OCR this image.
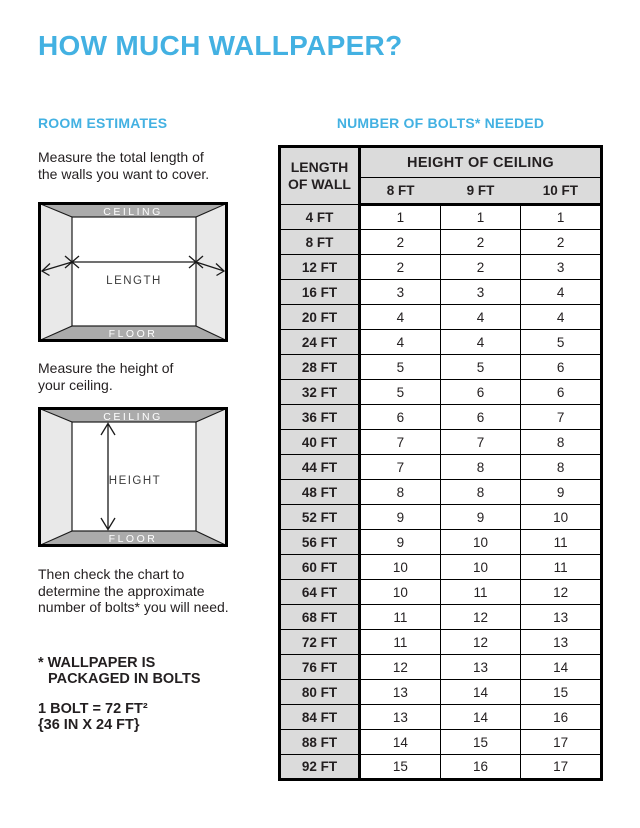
HOW MUCH WALLPAPER?
ROOM ESTIMATES	NUMBER OF BOLTS* NEEDED
Measure the total length of
the walls you want to cover.
CEILING
FLOOR
LENGTH
Measure the height of
your ceiling.
CEILING
FLOOR
HEIGHT
Then check the chart to
determine the approximate
number of bolts* you will need.
* WALLPAPER IS
PACKAGED IN BOLTS
1 BOLT = 72 FT²
{36 IN X 24 FT}
LENGTH
OF WALL	HEIGHT OF CEILING		
	8 FT	9 FT	10 FT
4 FT	1	1	1
8 FT	2	2	2
12 FT	2	2	3
16 FT	3	3	4
20 FT	4	4	4
24 FT	4	4	5
28 FT	5	5	6
32 FT	5	6	6
36 FT	6	6	7
40 FT	7	7	8
44 FT	7	8	8
48 FT	8	8	9
52 FT	9	9	10
56 FT	9	10	11
60 FT	10	10	11
64 FT	10	11	12
68 FT	11	12	13
72 FT	11	12	13
76 FT	12	13	14
80 FT	13	14	15
84 FT	13	14	16
88 FT	14	15	17
92 FT	15	16	17
